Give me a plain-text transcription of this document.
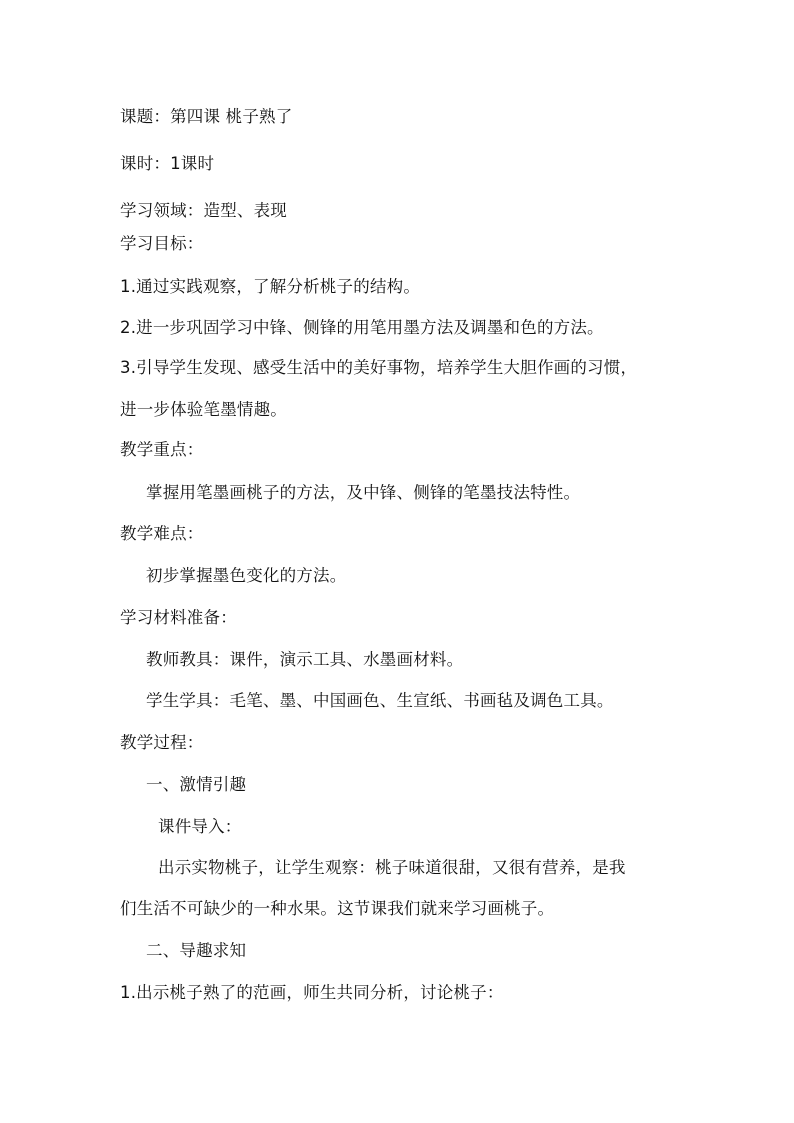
课题：第四课 桃子熟了
课时：1课时
学习领域：造型、表现
学习目标：
1.通过实践观察，了解分析桃子的结构。
2.进一步巩固学习中锋、侧锋的用笔用墨方法及调墨和色的方法。
3.引导学生发现、感受生活中的美好事物，培养学生大胆作画的习惯，
进一步体验笔墨情趣。
教学重点：
掌握用笔墨画桃子的方法，及中锋、侧锋的笔墨技法特性。
教学难点：
初步掌握墨色变化的方法。
学习材料准备：
教师教具：课件，演示工具、水墨画材料。
学生学具：毛笔、墨、中国画色、生宣纸、书画毡及调色工具。
教学过程：
一、激情引趣
课件导入：
出示实物桃子，让学生观察：桃子味道很甜，又很有营养，是我
们生活不可缺少的一种水果。这节课我们就来学习画桃子。
二、导趣求知
1.出示桃子熟了的范画，师生共同分析，讨论桃子：
